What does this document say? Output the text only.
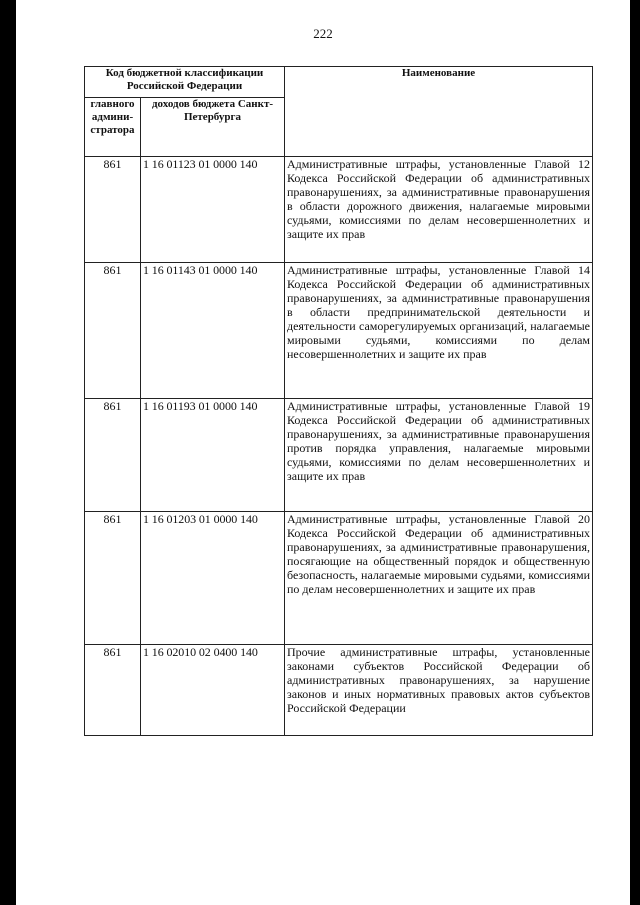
222
Код бюджетной классификации Российской Федерации		Наименование
главного админи-стратора	доходов бюджета Санкт-Петербурга	
861	1 16 01123 01 0000 140	Административные штрафы, установленные Главой 12 Кодекса Российской Федерации об административных правонарушениях, за административные правонарушения в области дорожного движения, налагаемые мировыми судьями, комиссиями по делам несовершеннолетних и защите их прав
861	1 16 01143 01 0000 140	Административные штрафы, установленные Главой 14 Кодекса Российской Федерации об административных правонарушениях, за административные правонарушения в области предпринимательской деятельности и деятельности саморегулируемых организаций, налагаемые мировыми судьями, комиссиями по делам несовершеннолетних и защите их прав
861	1 16 01193 01 0000 140	Административные штрафы, установленные Главой 19 Кодекса Российской Федерации об административных правонарушениях, за административные правонарушения против порядка управления, налагаемые мировыми судьями, комиссиями по делам несовершеннолетних и защите их прав
861	1 16 01203 01 0000 140	Административные штрафы, установленные Главой 20 Кодекса Российской Федерации об административных правонарушениях, за административные правонарушения, посягающие на общественный порядок и общественную безопасность, налагаемые мировыми судьями, комиссиями по делам несовершеннолетних и защите их прав
861	1 16 02010 02 0400 140	Прочие административные штрафы, установленные законами субъектов Российской Федерации об административных правонарушениях, за нарушение законов и иных нормативных правовых актов субъектов Российской Федерации
